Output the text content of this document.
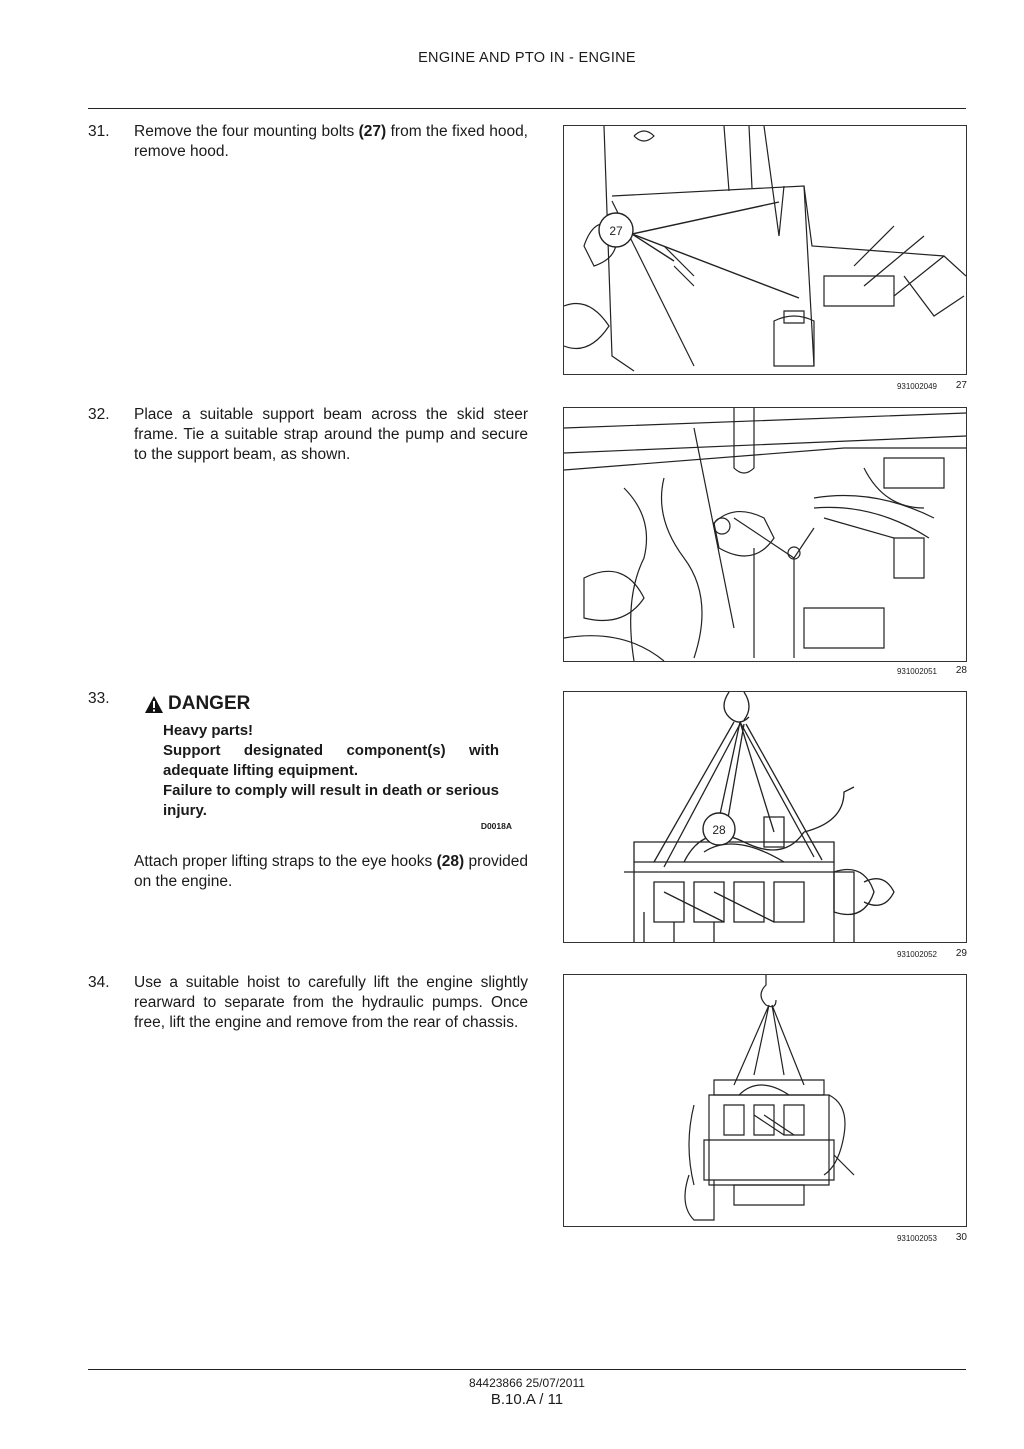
ENGINE AND PTO IN - ENGINE
31. Remove the four mounting bolts (27) from the fixed hood, remove hood.
27
931002049 27
32. Place a suitable support beam across the skid steer frame. Tie a suitable strap around the pump and secure to the support beam, as shown.
931002051 28
33.	DANGER
Heavy parts!
Support designated component(s) with adequate lifting equipment.
Failure to comply will result in death or serious injury.
D0018A
Attach proper lifting straps to the eye hooks (28) provided on the engine.
28
931002052 29
34. Use a suitable hoist to carefully lift the engine slightly rearward to separate from the hydraulic pumps. Once free, lift the engine and remove from the rear of chassis.
931002053 30
84423866 25/07/2011
B.10.A / 11
